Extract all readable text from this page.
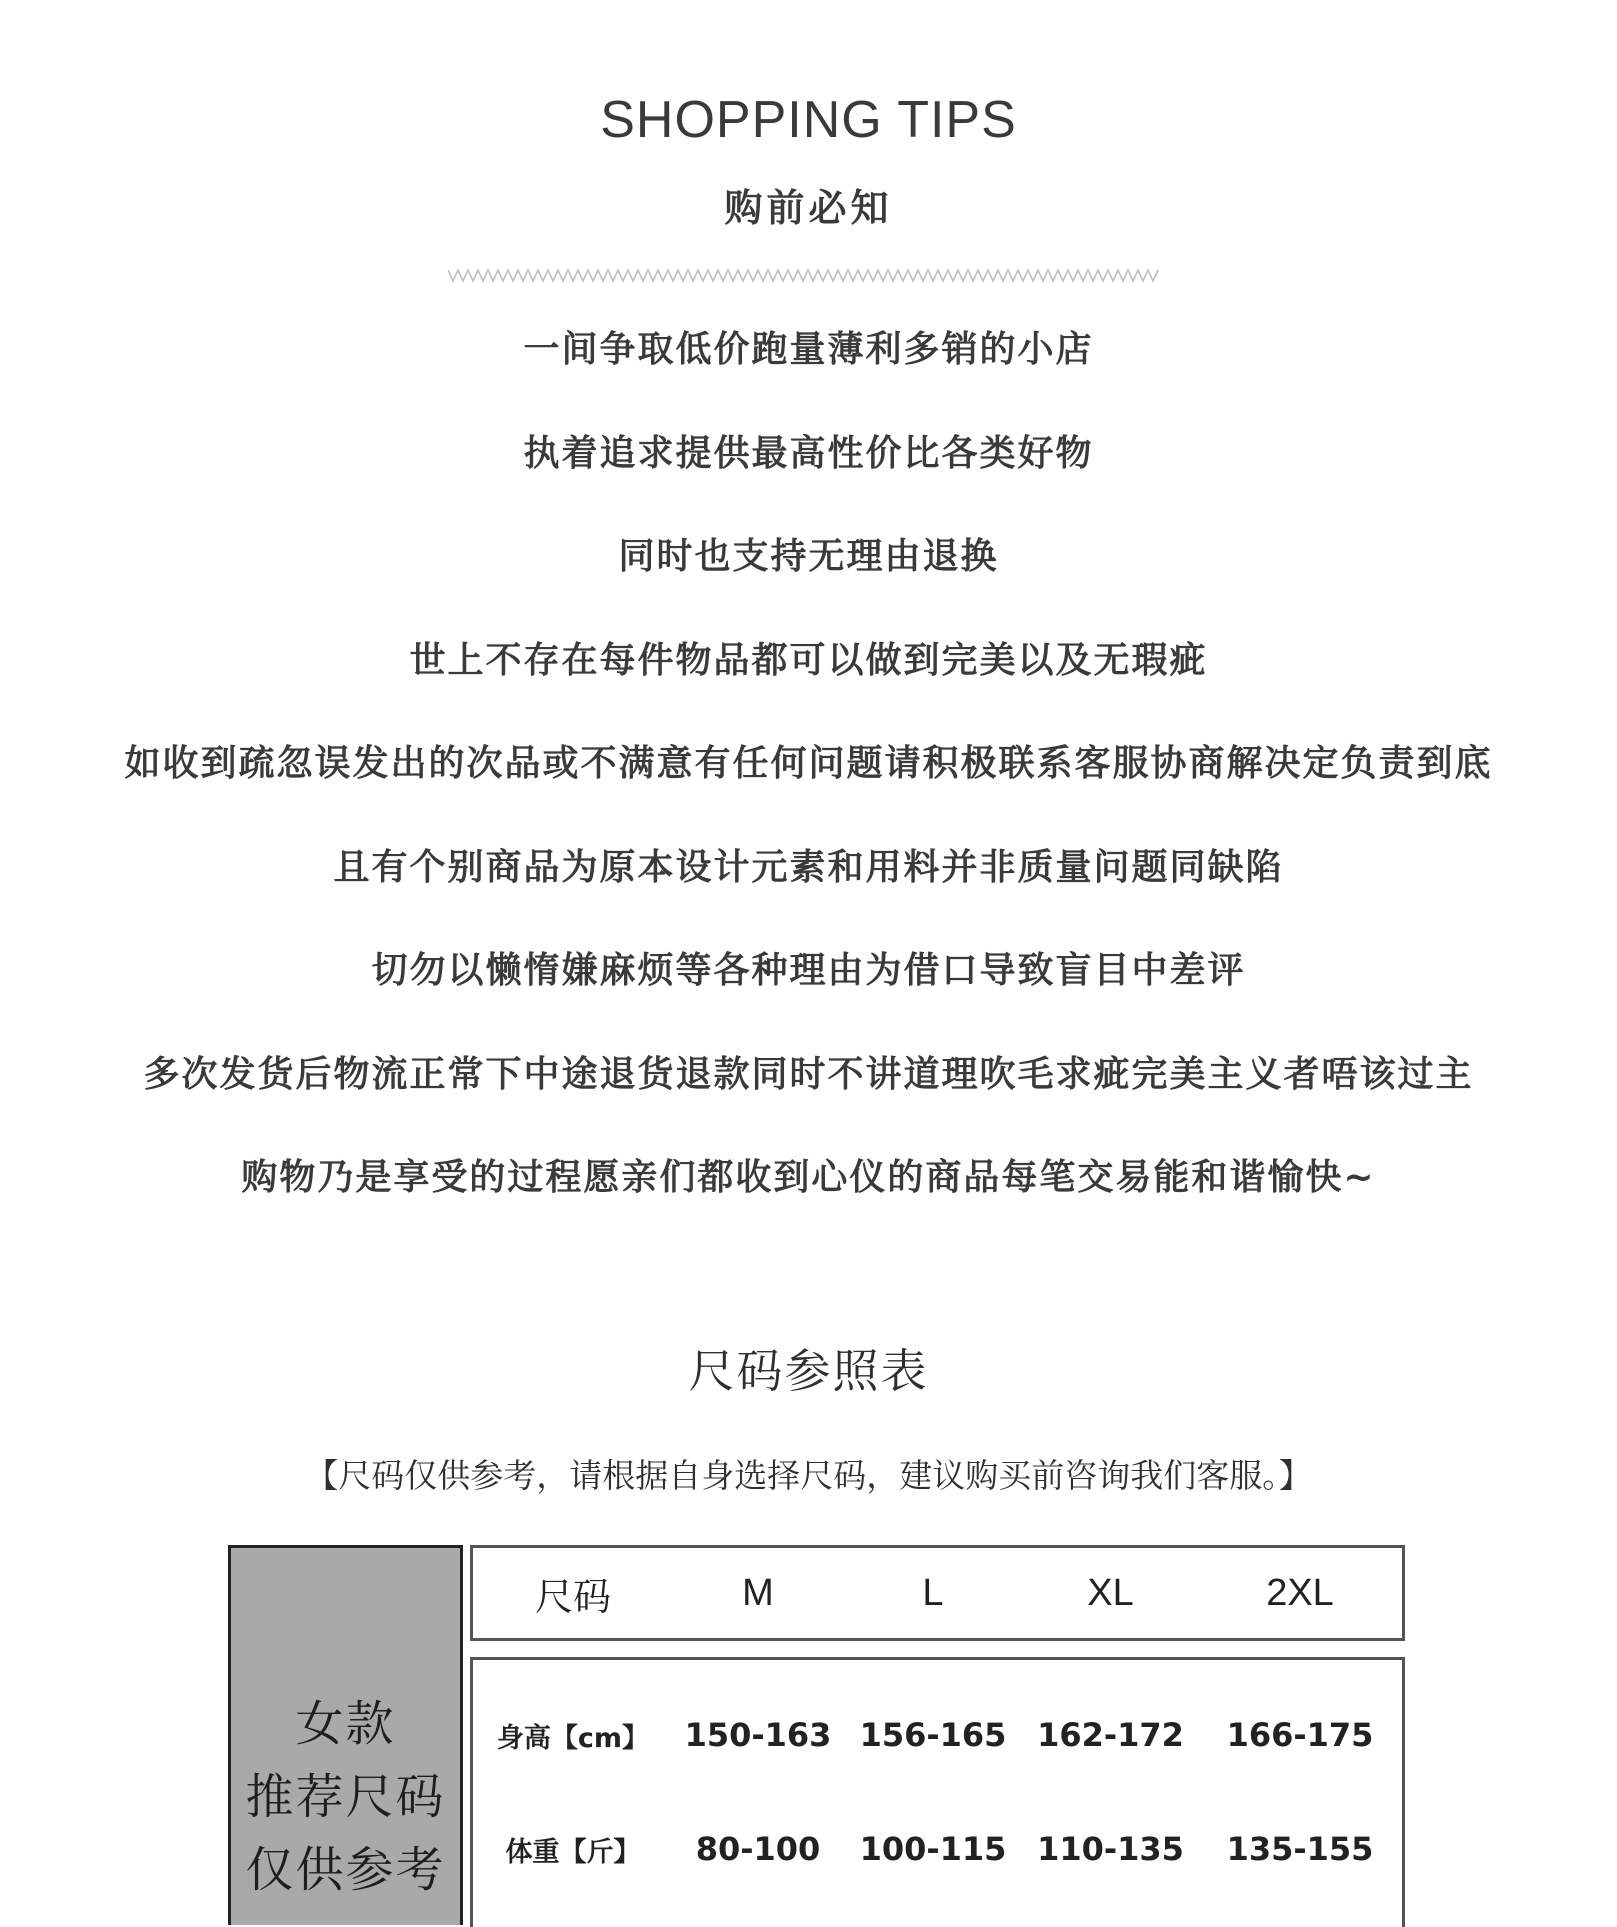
SHOPPING TIPS
购前必知
一间争取低价跑量薄利多销的小店
执着追求提供最高性价比各类好物
同时也支持无理由退换
世上不存在每件物品都可以做到完美以及无瑕疵
如收到疏忽误发出的次品或不满意有任何问题请积极联系客服协商解决定负责到底
且有个别商品为原本设计元素和用料并非质量问题同缺陷
切勿以懒惰嫌麻烦等各种理由为借口导致盲目中差评
多次发货后物流正常下中途退货退款同时不讲道理吹毛求疵完美主义者唔该过主
购物乃是享受的过程愿亲们都收到心仪的商品每笔交易能和谐愉快~
尺码参照表
【尺码仅供参考，请根据自身选择尺码，建议购买前咨询我们客服。】
女款
推荐尺码
仅供参考
尺码	M	L	XL	2XL
身高【cm】	150-163 156-165 162-172	166-175
体重【斤】	80-100	100-115 110-135	135-155
